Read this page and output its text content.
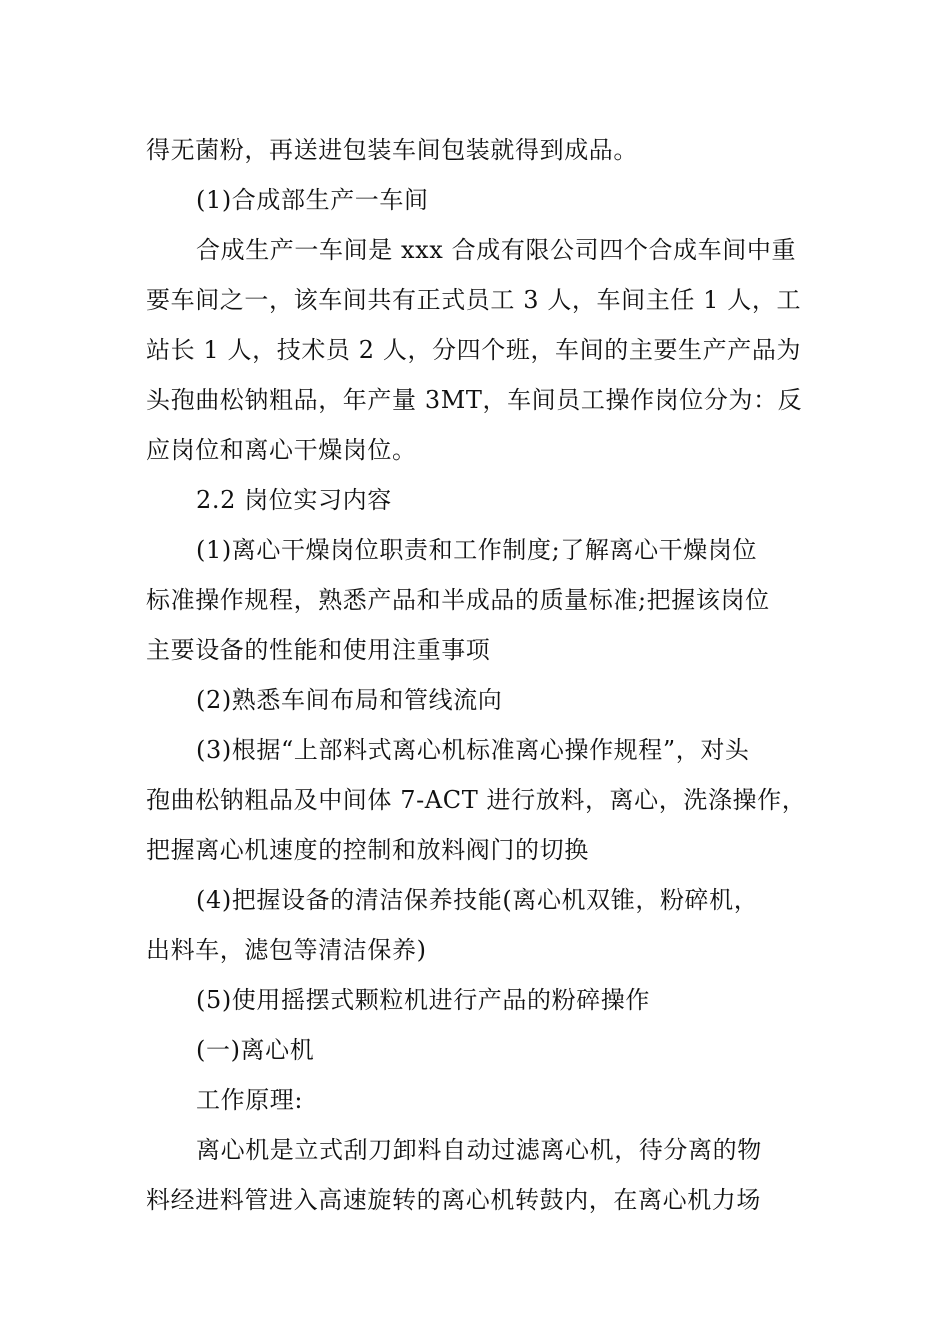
得无菌粉，再送进包装车间包装就得到成品。
(1)合成部生产一车间
合成生产一车间是 xxx 合成有限公司四个合成车间中重
要车间之一，该车间共有正式员工 3 人，车间主任 1 人，工
站长 1 人，技术员 2 人，分四个班，车间的主要生产产品为
头孢曲松钠粗品，年产量 3MT，车间员工操作岗位分为：反
应岗位和离心干燥岗位。
2.2 岗位实习内容
(1)离心干燥岗位职责和工作制度;了解离心干燥岗位
标准操作规程，熟悉产品和半成品的质量标准;把握该岗位
主要设备的性能和使用注重事项
(2)熟悉车间布局和管线流向
(3)根据“上部料式离心机标准离心操作规程”，对头
孢曲松钠粗品及中间体 7-ACT 进行放料，离心，洗涤操作，
把握离心机速度的控制和放料阀门的切换
(4)把握设备的清洁保养技能(离心机双锥，粉碎机，
出料车，滤包等清洁保养)
(5)使用摇摆式颗粒机进行产品的粉碎操作
(一)离心机
工作原理:
离心机是立式刮刀卸料自动过滤离心机，待分离的物
料经进料管进入高速旋转的离心机转鼓内，在离心机力场
